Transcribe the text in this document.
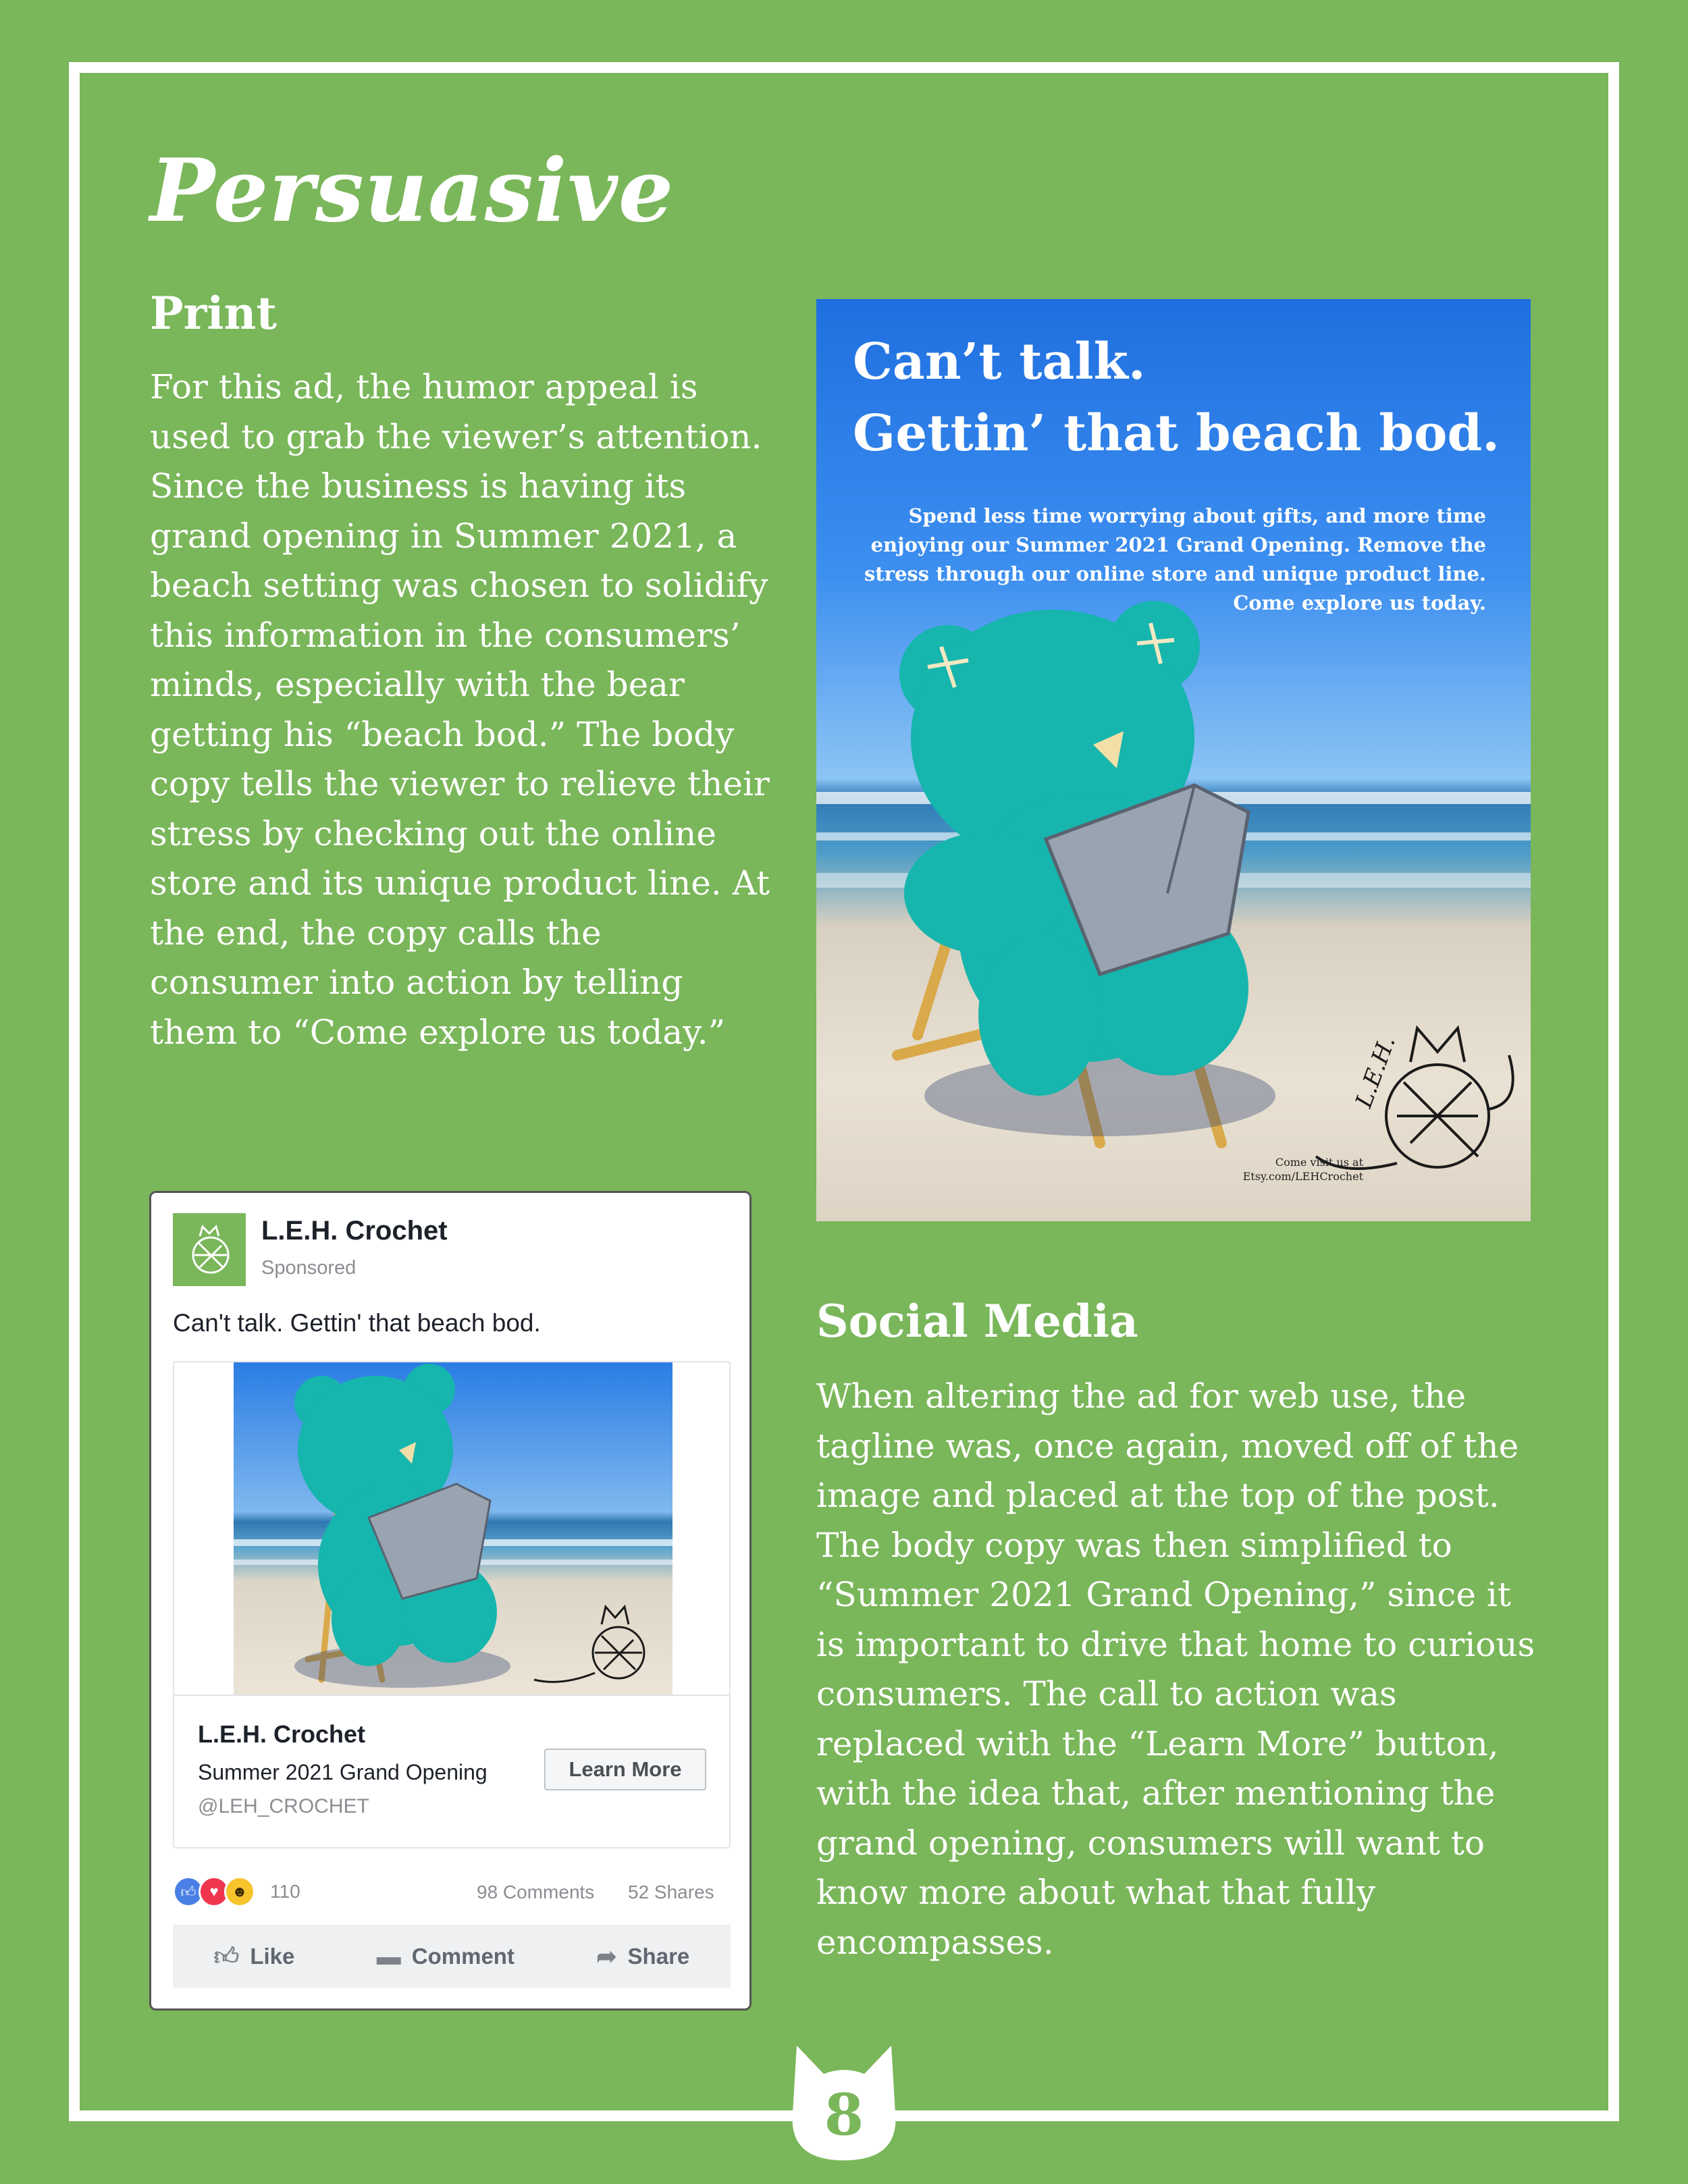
Persuasive
Print
For this ad, the humor appeal is
used to grab the viewer’s attention.
Since the business is having its
grand opening in Summer 2021, a
beach setting was chosen to solidify
this information in the consumers’
minds, especially with the bear
getting his “beach bod.” The body
copy tells the viewer to relieve their
stress by checking out the online
store and its unique product line. At
the end, the copy calls the
consumer into action by telling
them to “Come explore us today.”
L.E.H.
Can’t talk.
Gettin’ that beach bod.
Spend less time worrying about gifts, and more time
enjoying our Summer 2021 Grand Opening. Remove the
stress through our online store and unique product line.
Come explore us today.
Come visit us at
Etsy.com/LEHCrochet
Social Media
When altering the ad for web use, the
tagline was, once again, moved off of the
image and placed at the top of the post.
The body copy was then simplified to
“Summer 2021 Grand Opening,” since it
is important to drive that home to curious
consumers. The call to action was
replaced with the “Learn More” button,
with the idea that, after mentioning the
grand opening, consumers will want to
know more about what that fully
encompasses.
L.E.H. Crochet
Sponsored
Can't talk. Gettin' that beach bod.
L.E.H. Crochet
Summer 2021 Grand Opening
@LEH_CROCHET
Learn More
👍︎ ♥ ☻	110	98 Comments 52 Shares
👍︎ Like	▬ Comment	➦ Share
8
